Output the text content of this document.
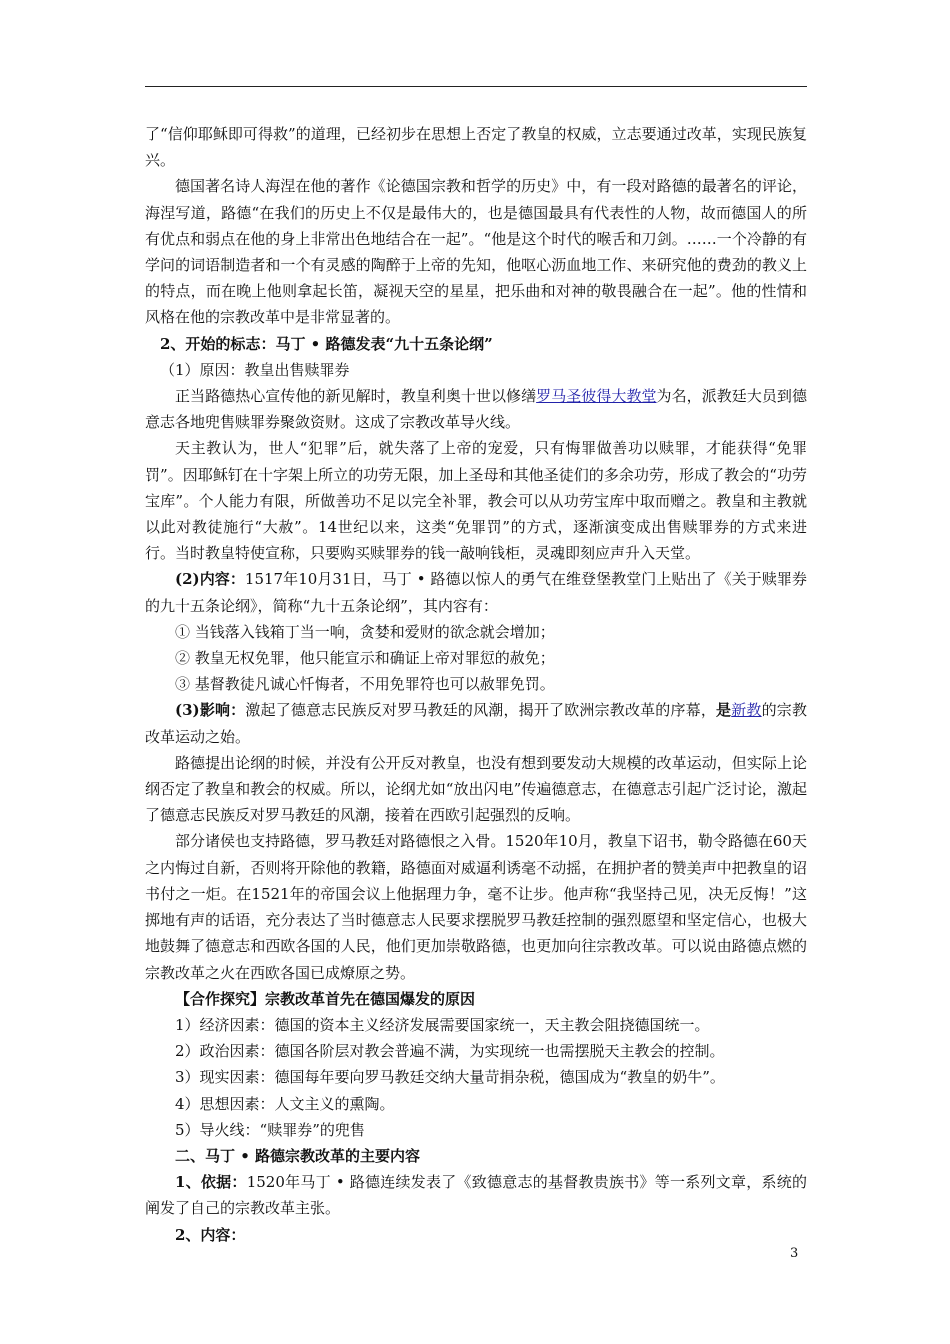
了“信仰耶稣即可得救”的道理，已经初步在思想上否定了教皇的权威，立志要通过改革，实现民族复兴。

德国著名诗人海涅在他的著作《论德国宗教和哲学的历史》中，有一段对路德的最著名的评论，海涅写道，路德“在我们的历史上不仅是最伟大的，也是德国最具有代表性的人物，故而德国人的所有优点和弱点在他的身上非常出色地结合在一起”。“他是这个时代的喉舌和刀剑。……一个冷静的有学问的词语制造者和一个有灵感的陶醉于上帝的先知，他呕心沥血地工作、来研究他的费劲的教义上的特点，而在晚上他则拿起长笛，凝视天空的星星，把乐曲和对神的敬畏融合在一起”。他的性情和风格在他的宗教改革中是非常显著的。

2、开始的标志：马丁 • 路德发表“九十五条论纲”

（1）原因：教皇出售赎罪券

正当路德热心宣传他的新见解时，教皇利奥十世以修缮罗马圣彼得大教堂为名，派教廷大员到德意志各地兜售赎罪券聚敛资财。这成了宗教改革导火线。

天主教认为，世人“犯罪”后，就失落了上帝的宠爱，只有悔罪做善功以赎罪，才能获得“免罪罚”。因耶稣钉在十字架上所立的功劳无限，加上圣母和其他圣徒们的多余功劳，形成了教会的“功劳宝库”。个人能力有限，所做善功不足以完全补罪，教会可以从功劳宝库中取而赠之。教皇和主教就以此对教徒施行“大赦”。14世纪以来，这类“免罪罚”的方式，逐渐演变成出售赎罪券的方式来进行。当时教皇特使宣称，只要购买赎罪券的钱一敲响钱柜，灵魂即刻应声升入天堂。

(2)内容：1517年10月31日，马丁 • 路德以惊人的勇气在维登堡教堂门上贴出了《关于赎罪券的九十五条论纲》，简称“九十五条论纲”，其内容有：

① 当钱落入钱箱丁当一响，贪婪和爱财的欲念就会增加；

② 教皇无权免罪，他只能宣示和确证上帝对罪愆的赦免；

③ 基督教徒凡诚心忏悔者，不用免罪符也可以赦罪免罚。

(3)影响：激起了德意志民族反对罗马教廷的风潮，揭开了欧洲宗教改革的序幕，是新教的宗教改革运动之始。

路德提出论纲的时候，并没有公开反对教皇，也没有想到要发动大规模的改革运动，但实际上论纲否定了教皇和教会的权威。所以，论纲尤如“放出闪电”传遍德意志，在德意志引起广泛讨论，激起了德意志民族反对罗马教廷的风潮，接着在西欧引起强烈的反响。

部分诸侯也支持路德，罗马教廷对路德恨之入骨。1520年10月，教皇下诏书，勒令路德在60天之内悔过自新，否则将开除他的教籍，路德面对威逼利诱毫不动摇，在拥护者的赞美声中把教皇的诏书付之一炬。在1521年的帝国会议上他据理力争，毫不让步。他声称“我坚持己见，决无反悔！”这掷地有声的话语，充分表达了当时德意志人民要求摆脱罗马教廷控制的强烈愿望和坚定信心，也极大地鼓舞了德意志和西欧各国的人民，他们更加崇敬路德，也更加向往宗教改革。可以说由路德点燃的宗教改革之火在西欧各国已成燎原之势。

【合作探究】宗教改革首先在德国爆发的原因

1）经济因素：德国的资本主义经济发展需要国家统一，天主教会阻挠德国统一。

2）政治因素：德国各阶层对教会普遍不满，为实现统一也需摆脱天主教会的控制。

3）现实因素：德国每年要向罗马教廷交纳大量苛捐杂税，德国成为“教皇的奶牛”。

4）思想因素：人文主义的熏陶。

5）导火线：“赎罪券”的兜售

二、马丁 • 路德宗教改革的主要内容

1、依据：1520年马丁 • 路德连续发表了《致德意志的基督教贵族书》等一系列文章，系统的阐发了自己的宗教改革主张。

2、内容：

3
